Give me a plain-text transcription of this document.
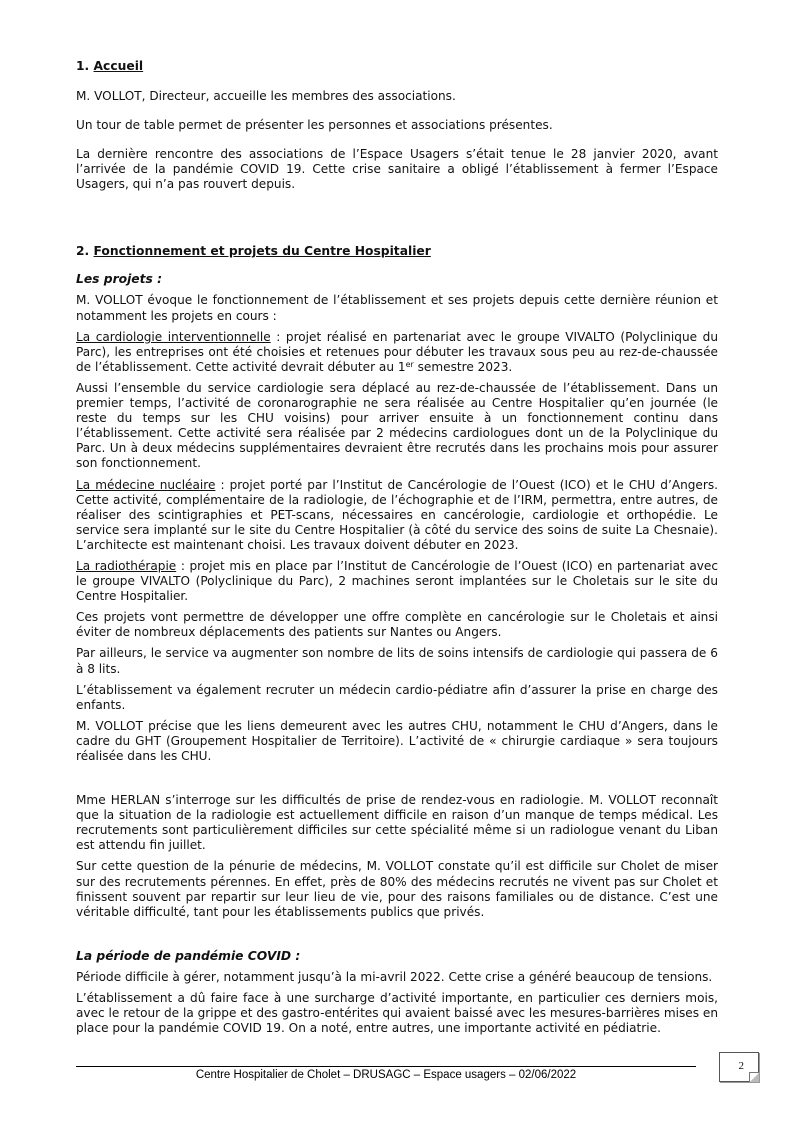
1. Accueil

M. VOLLOT, Directeur, accueille les membres des associations.

Un tour de table permet de présenter les personnes et associations présentes.

La dernière rencontre des associations de l’Espace Usagers s’était tenue le 28 janvier 2020, avant l’arrivée de la pandémie COVID 19. Cette crise sanitaire a obligé l’établissement à fermer l’Espace Usagers, qui n’a pas rouvert depuis.

2. Fonctionnement et projets du Centre Hospitalier
Les projets :

M. VOLLOT évoque le fonctionnement de l’établissement et ses projets depuis cette dernière réunion et notamment les projets en cours :

La cardiologie interventionnelle : projet réalisé en partenariat avec le groupe VIVALTO (Polyclinique du Parc), les entreprises ont été choisies et retenues pour débuter les travaux sous peu au rez-de-chaussée de l’établissement. Cette activité devrait débuter au 1er semestre 2023.

Aussi l’ensemble du service cardiologie sera déplacé au rez-de-chaussée de l’établissement. Dans un premier temps, l’activité de coronarographie ne sera réalisée au Centre Hospitalier qu’en journée (le reste du temps sur les CHU voisins) pour arriver ensuite à un fonctionnement continu dans l’établissement. Cette activité sera réalisée par 2 médecins cardiologues dont un de la Polyclinique du Parc. Un à deux médecins supplémentaires devraient être recrutés dans les prochains mois pour assurer son fonctionnement.

La médecine nucléaire : projet porté par l’Institut de Cancérologie de l’Ouest (ICO) et le CHU d’Angers. Cette activité, complémentaire de la radiologie, de l’échographie et de l’IRM, permettra, entre autres, de réaliser des scintigraphies et PET-scans, nécessaires en cancérologie, cardiologie et orthopédie. Le service sera implanté sur le site du Centre Hospitalier (à côté du service des soins de suite La Chesnaie). L’architecte est maintenant choisi. Les travaux doivent débuter en 2023.

La radiothérapie : projet mis en place par l’Institut de Cancérologie de l’Ouest (ICO) en partenariat avec le groupe VIVALTO (Polyclinique du Parc), 2 machines seront implantées sur le Choletais sur le site du Centre Hospitalier.

Ces projets vont permettre de développer une offre complète en cancérologie sur le Choletais et ainsi éviter de nombreux déplacements des patients sur Nantes ou Angers.

Par ailleurs, le service va augmenter son nombre de lits de soins intensifs de cardiologie qui passera de 6 à 8 lits.

L’établissement va également recruter un médecin cardio-pédiatre afin d’assurer la prise en charge des enfants.

M. VOLLOT précise que les liens demeurent avec les autres CHU, notamment le CHU d’Angers, dans le cadre du GHT (Groupement Hospitalier de Territoire). L’activité de « chirurgie cardiaque » sera toujours réalisée dans les CHU.

Mme HERLAN s’interroge sur les difficultés de prise de rendez-vous en radiologie. M. VOLLOT reconnaît que la situation de la radiologie est actuellement difficile en raison d’un manque de temps médical. Les recrutements sont particulièrement difficiles sur cette spécialité même si un radiologue venant du Liban est attendu fin juillet.

Sur cette question de la pénurie de médecins, M. VOLLOT constate qu’il est difficile sur Cholet de miser sur des recrutements pérennes. En effet, près de 80% des médecins recrutés ne vivent pas sur Cholet et finissent souvent par repartir sur leur lieu de vie, pour des raisons familiales ou de distance. C’est une véritable difficulté, tant pour les établissements publics que privés.

La période de pandémie COVID :

Période difficile à gérer, notamment jusqu’à la mi-avril 2022. Cette crise a généré beaucoup de tensions.

L’établissement a dû faire face à une surcharge d’activité importante, en particulier ces derniers mois, avec le retour de la grippe et des gastro-entérites qui avaient baissé avec les mesures-barrières mises en place pour la pandémie COVID 19. On a noté, entre autres, une importante activité en pédiatrie.

Centre Hospitalier de Cholet – DRUSAGC – Espace usagers – 02/06/2022
2
